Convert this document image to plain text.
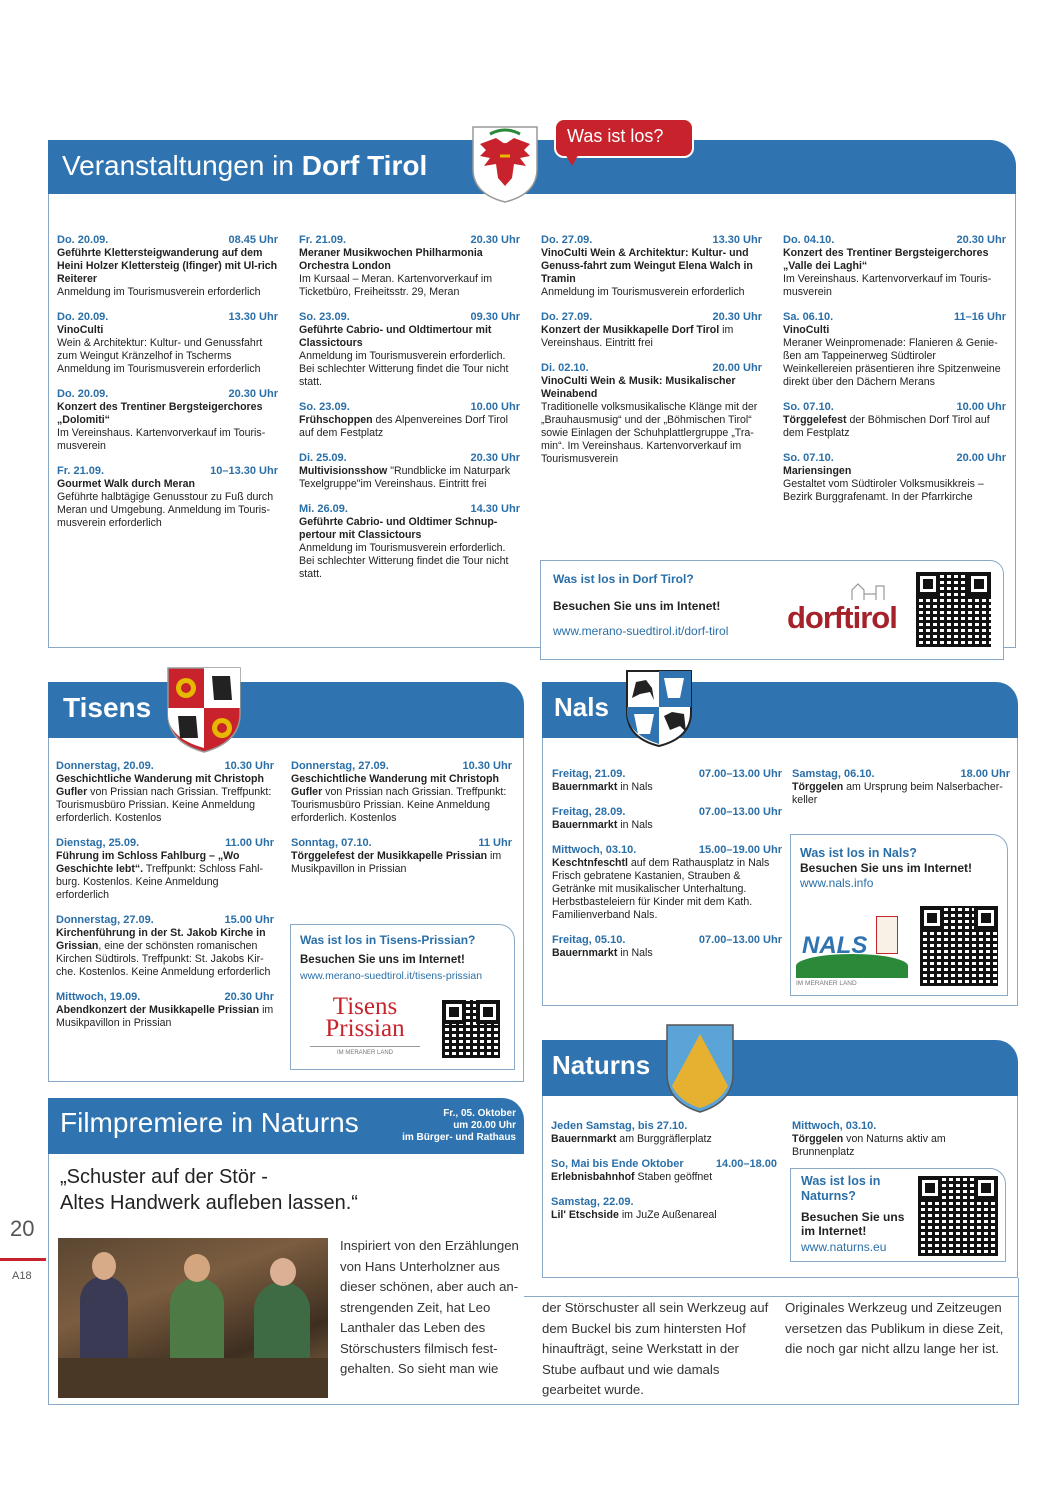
20
A18
Veranstaltungen in Dorf Tirol
Was ist los?
Do. 20.09.	08.45 Uhr
Geführte Klettersteigwanderung auf dem Heini Holzer Klettersteig (Ifinger) mit Ul-rich Reiterer
Anmeldung im Tourismusverein erforderlich
Do. 20.09.	13.30 Uhr
VinoCulti
Wein & Architektur: Kultur- und Genussfahrt zum Weingut Kränzelhof in Tscherms Anmeldung im Tourismusverein erforderlich
Do. 20.09.	20.30 Uhr
Konzert des Trentiner Bergsteigerchores „Dolomiti“
Im Vereinshaus. Kartenvorverkauf im Touris-musverein
Fr. 21.09.	10–13.30 Uhr
Gourmet Walk durch Meran
Geführte halbtägige Genusstour zu Fuß durch Meran und Umgebung. Anmeldung im Touris-musverein erforderlich
Fr. 21.09.	20.30 Uhr
Meraner Musikwochen Philharmonia Orchestra London
Im Kursaal – Meran. Kartenvorverkauf im Ticketbüro, Freiheitsstr. 29, Meran
So. 23.09.	09.30 Uhr
Geführte Cabrio- und Oldtimertour mit Classictours
Anmeldung im Tourismusverein erforderlich. Bei schlechter Witterung findet die Tour nicht statt.
So. 23.09.	10.00 Uhr
Frühschoppen des Alpenvereines Dorf Tirol auf dem Festplatz
Di. 25.09.	20.30 Uhr
Multivisionsshow "Rundblicke im Naturpark Texelgruppe"im Vereinshaus. Eintritt frei
Mi. 26.09.	14.30 Uhr
Geführte Cabrio- und Oldtimer Schnup-pertour mit Classictours
Anmeldung im Tourismusverein erforderlich. Bei schlechter Witterung findet die Tour nicht statt.
Do. 27.09.	13.30 Uhr
VinoCulti Wein & Architektur: Kultur- und Genuss-fahrt zum Weingut Elena Walch in Tramin
Anmeldung im Tourismusverein erforderlich
Do. 27.09.	20.30 Uhr
Konzert der Musikkapelle Dorf Tirol im Vereinshaus. Eintritt frei
Di. 02.10.	20.00 Uhr
VinoCulti Wein & Musik: Musikalischer Weinabend
Traditionelle volksmusikalische Klänge mit der „Brauhausmusig“ und der „Böhmischen Tirol“ sowie Einlagen der Schuhplattlergruppe „Tra-min“. Im Vereinshaus. Kartenvorverkauf im Tourismusverein
Do. 04.10.	20.30 Uhr
Konzert des Trentiner Bergsteigerchores „Valle dei Laghi“
Im Vereinshaus. Kartenvorverkauf im Touris-musverein
Sa. 06.10.	11–16 Uhr
VinoCulti
Meraner Weinpromenade: Flanieren & Genie-ßen am Tappeinerweg Südtiroler Weinkellereien präsentieren ihre Spitzenweine direkt über den Dächern Merans
So. 07.10.	10.00 Uhr
Törggelefest der Böhmischen Dorf Tirol auf dem Festplatz
So. 07.10.	20.00 Uhr
Mariensingen
Gestaltet vom Südtiroler Volksmusikkreis – Bezirk Burggrafenamt. In der Pfarrkirche
Was ist los in Dorf Tirol?
Besuchen Sie uns im Intenet!
www.merano-suedtirol.it/dorf-tirol dorftirol
Tisens
Donnerstag, 20.09.	10.30 Uhr
Geschichtliche Wanderung mit Christoph Gufler von Prissian nach Grissian. Treffpunkt: Tourismusbüro Prissian. Keine Anmeldung erforderlich. Kostenlos
Dienstag, 25.09.	11.00 Uhr
Führung im Schloss Fahlburg – „Wo Geschichte lebt“. Treffpunkt: Schloss Fahl-burg. Kostenlos. Keine Anmeldung erforderlich
Donnerstag, 27.09.	15.00 Uhr
Kirchenführung in der St. Jakob Kirche in Grissian, eine der schönsten romanischen Kirchen Südtirols. Treffpunkt: St. Jakobs Kir-che. Kostenlos. Keine Anmeldung erforderlich
Mittwoch, 19.09.	20.30 Uhr
Abendkonzert der Musikkapelle Prissian im Musikpavillon in Prissian
Donnerstag, 27.09.	10.30 Uhr
Geschichtliche Wanderung mit Christoph Gufler von Prissian nach Grissian. Treffpunkt: Tourismusbüro Prissian. Keine Anmeldung erforderlich. Kostenlos
Sonntag, 07.10.	11 Uhr
Törggelefest der Musikkapelle Prissian im Musikpavillon in Prissian
Was ist los in Tisens-Prissian?
Besuchen Sie uns im Internet!
www.merano-suedtirol.it/tisens-prissian
Tisens
Prissian
IM MERANER LAND
Nals
Freitag, 21.09.	07.00–13.00 Uhr
Bauernmarkt in Nals
Freitag, 28.09.	07.00–13.00 Uhr
Bauernmarkt in Nals
Mittwoch, 03.10.	15.00–19.00 Uhr
Keschtnfeschtl auf dem Rathausplatz in Nals Frisch gebratene Kastanien, Strauben & Getränke mit musikalischer Unterhaltung. Herbstbasteleiern für Kinder mit dem Kath. Familienverband Nals.
Freitag, 05.10.	07.00–13.00 Uhr
Bauernmarkt in Nals
Samstag, 06.10.	18.00 Uhr
Törggelen am Ursprung beim Nalserbacher-keller
Was ist los in Nals?
Besuchen Sie uns im Internet!
www.nals.info
NALS
IM MERANER LAND
Naturns
Jeden Samstag, bis 27.10.
Bauernmarkt am Burggräflerplatz
So, Mai bis Ende Oktober	14.00–18.00
Erlebnisbahnhof Staben geöffnet
Samstag, 22.09.
Lil' Etschside im JuZe Außenareal
Mittwoch, 03.10.
Törggelen von Naturns aktiv am Brunnenplatz
Was ist los in Naturns?
Besuchen Sie uns im Internet!
www.naturns.eu
Filmpremiere in Naturns	Fr., 05. Oktober
um 20.00 Uhr
im Bürger- und Rathaus
„Schuster auf der Stör -
Altes Handwerk aufleben lassen.“
Inspiriert von den Erzählungen von Hans Unterholzner aus dieser schönen, aber auch an-strengenden Zeit, hat Leo Lanthaler das Leben des Störschusters filmisch fest-gehalten. So sieht man wie
der Störschuster all sein Werkzeug auf dem Buckel bis zum hintersten Hof hinaufträgt, seine Werkstatt in der Stube aufbaut und wie damals gearbeitet wurde.
Originales Werkzeug und Zeitzeugen versetzen das Publikum in diese Zeit, die noch gar nicht allzu lange her ist.
